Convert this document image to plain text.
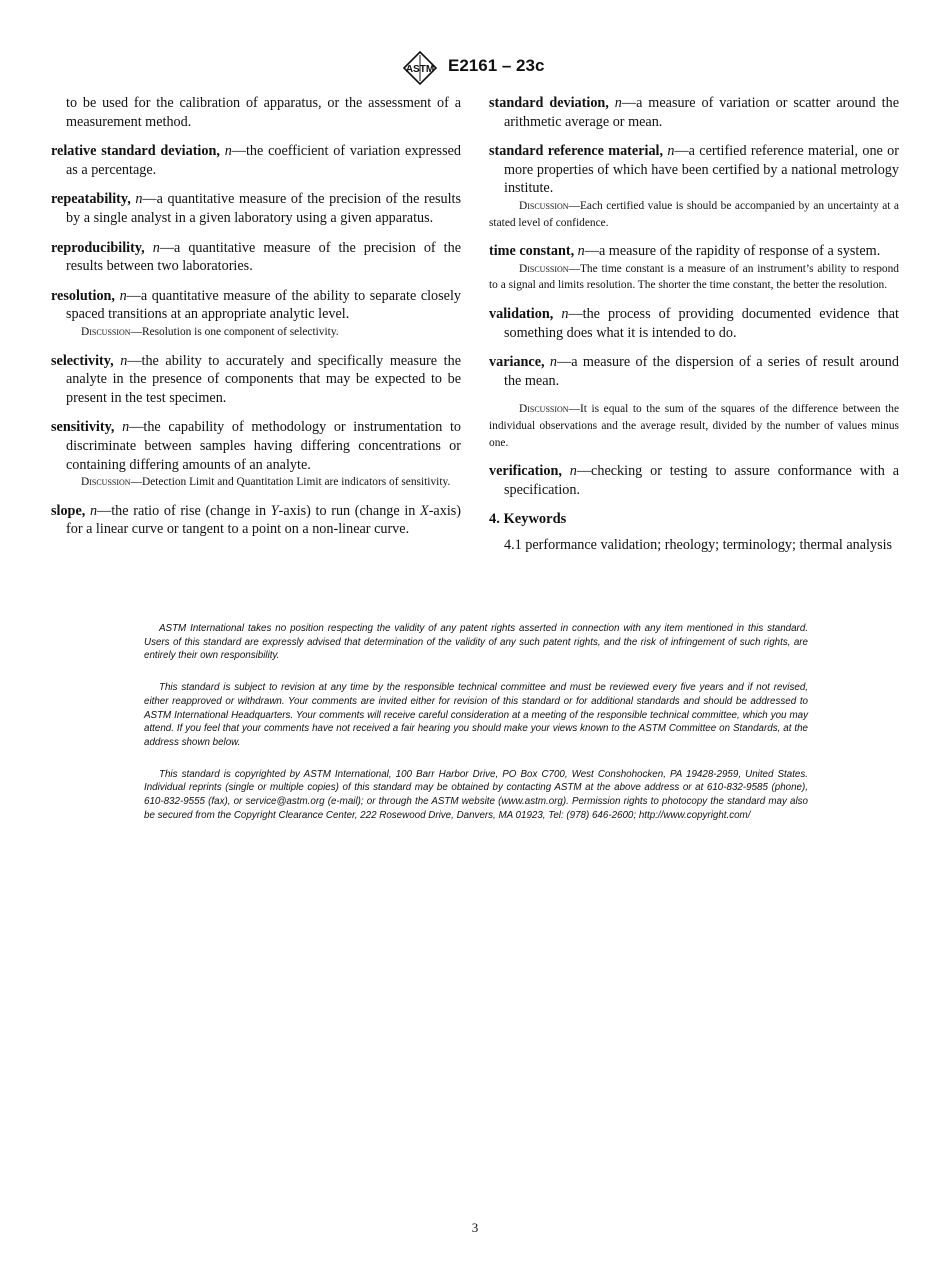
ASTM E2161 – 23c

to be used for the calibration of apparatus, or the assessment of a measurement method.

relative standard deviation, n—the coefficient of variation expressed as a percentage.

repeatability, n—a quantitative measure of the precision of the results by a single analyst in a given laboratory using a given apparatus.

reproducibility, n—a quantitative measure of the precision of the results between two laboratories.

resolution, n—a quantitative measure of the ability to separate closely spaced transitions at an appropriate analytic level.

Discussion—Resolution is one component of selectivity.

selectivity, n—the ability to accurately and specifically measure the analyte in the presence of components that may be expected to be present in the test specimen.

sensitivity, n—the capability of methodology or instrumentation to discriminate between samples having differing concentrations or containing differing amounts of an analyte.

Discussion—Detection Limit and Quantitation Limit are indicators of sensitivity.

slope, n—the ratio of rise (change in Y-axis) to run (change in X-axis) for a linear curve or tangent to a point on a non-linear curve.

standard deviation, n—a measure of variation or scatter around the arithmetic average or mean.

standard reference material, n—a certified reference material, one or more properties of which have been certified by a national metrology institute.

Discussion—Each certified value is should be accompanied by an uncertainty at a stated level of confidence.

time constant, n—a measure of the rapidity of response of a system.

Discussion—The time constant is a measure of an instrument’s ability to respond to a signal and limits resolution. The shorter the time constant, the better the resolution.

validation, n—the process of providing documented evidence that something does what it is intended to do.

variance, n—a measure of the dispersion of a series of result around the mean.

Discussion—It is equal to the sum of the squares of the difference between the individual observations and the average result, divided by the number of values minus one.

verification, n—checking or testing to assure conformance with a specification.

4. Keywords

4.1 performance validation; rheology; terminology; thermal analysis

ASTM International takes no position respecting the validity of any patent rights asserted in connection with any item mentioned in this standard. Users of this standard are expressly advised that determination of the validity of any such patent rights, and the risk of infringement of such rights, are entirely their own responsibility.

This standard is subject to revision at any time by the responsible technical committee and must be reviewed every five years and if not revised, either reapproved or withdrawn. Your comments are invited either for revision of this standard or for additional standards and should be addressed to ASTM International Headquarters. Your comments will receive careful consideration at a meeting of the responsible technical committee, which you may attend. If you feel that your comments have not received a fair hearing you should make your views known to the ASTM Committee on Standards, at the address shown below.

This standard is copyrighted by ASTM International, 100 Barr Harbor Drive, PO Box C700, West Conshohocken, PA 19428-2959, United States. Individual reprints (single or multiple copies) of this standard may be obtained by contacting ASTM at the above address or at 610-832-9585 (phone), 610-832-9555 (fax), or service@astm.org (e-mail); or through the ASTM website (www.astm.org). Permission rights to photocopy the standard may also be secured from the Copyright Clearance Center, 222 Rosewood Drive, Danvers, MA 01923, Tel: (978) 646-2600; http://www.copyright.com/

3
